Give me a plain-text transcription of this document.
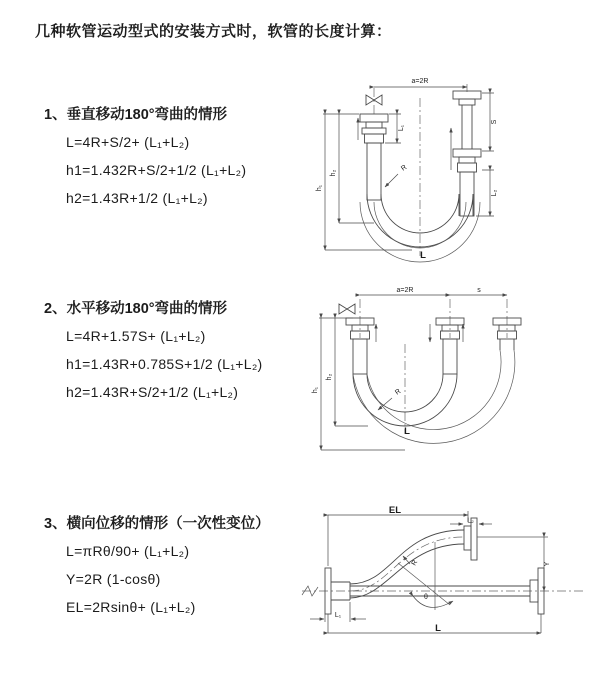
几种软管运动型式的安装方式时，软管的长度计算：
1、垂直移动180°弯曲的情形
L=4R+S/2+ (L₁+L₂)
h1=1.432R+S/2+1/2 (L₁+L₂)
h2=1.43R+1/2 (L₁+L₂)
2、水平移动180°弯曲的情形
L=4R+1.57S+ (L₁+L₂)
h1=1.43R+0.785S+1/2 (L₁+L₂)
h2=1.43R+S/2+1/2 (L₁+L₂)
3、横向位移的情形（一次性变位）
L=πRθ/90+ (L₁+L₂)
Y=2R (1-cosθ)
EL=2Rsinθ+ (L₁+L₂)
a=2R
L₁
S
L₂
h₁
h₂
R
L
a=2R	s
h₁
h₂
R
L
EL
L₂
Y
θ
R
L₁
L
